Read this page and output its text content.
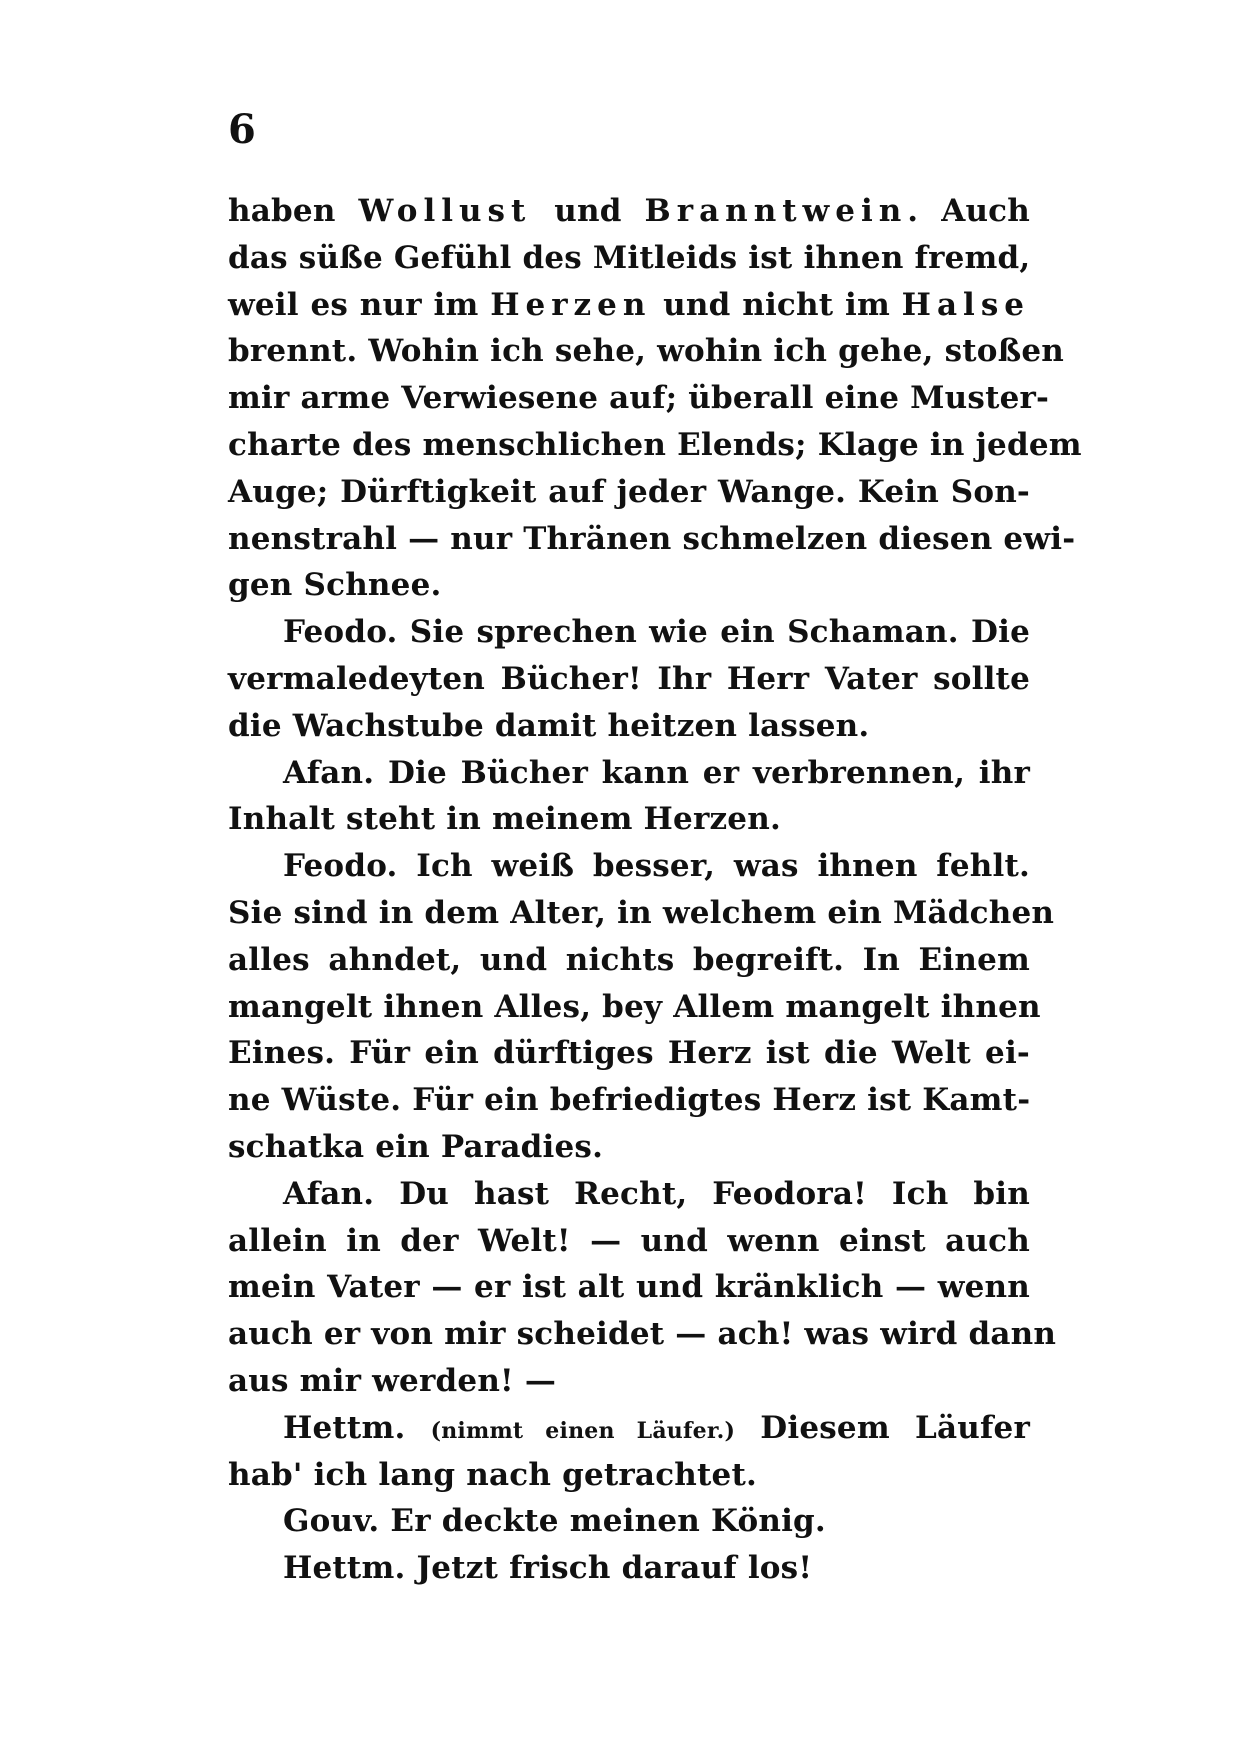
6
haben Wollust und Branntwein. Auch
das süße Gefühl des Mitleids ist ihnen fremd,
weil es nur im Herzen und nicht im Halse
brennt. Wohin ich sehe, wohin ich gehe, stoßen
mir arme Verwiesene auf; überall eine Muster-
charte des menschlichen Elends; Klage in jedem
Auge; Dürftigkeit auf jeder Wange. Kein Son-
nenstrahl — nur Thränen schmelzen diesen ewi-
gen Schnee.
Feodo. Sie sprechen wie ein Schaman. Die
vermaledeyten Bücher! Ihr Herr Vater sollte
die Wachstube damit heitzen lassen.
Afan. Die Bücher kann er verbrennen, ihr
Inhalt steht in meinem Herzen.
Feodo. Ich weiß besser, was ihnen fehlt.
Sie sind in dem Alter, in welchem ein Mädchen
alles ahndet, und nichts begreift. In Einem
mangelt ihnen Alles, bey Allem mangelt ihnen
Eines. Für ein dürftiges Herz ist die Welt ei-
ne Wüste. Für ein befriedigtes Herz ist Kamt-
schatka ein Paradies.
Afan. Du hast Recht, Feodora! Ich bin
allein in der Welt! — und wenn einst auch
mein Vater — er ist alt und kränklich — wenn
auch er von mir scheidet — ach! was wird dann
aus mir werden! —
Hettm. (nimmt einen Läufer.) Diesem Läufer
hab' ich lang nach getrachtet.
Gouv. Er deckte meinen König.
Hettm. Jetzt frisch darauf los!
